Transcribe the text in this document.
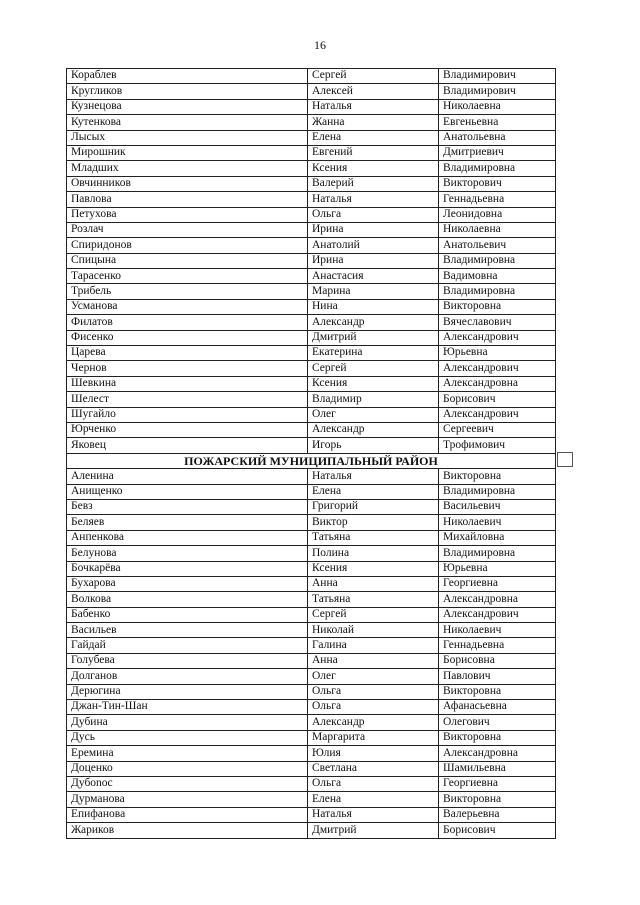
16
Кораблев	Сергей	Владимирович
Кругликов	Алексей	Владимирович
Кузнецова	Наталья	Николаевна
Кутенкова	Жанна	Евгеньевна
Лысых	Елена	Анатольевна
Мирошник	Евгений	Дмитриевич
Младших	Ксения	Владимировна
Овчинников	Валерий	Викторович
Павлова	Наталья	Геннадьевна
Петухова	Ольга	Леонидовна
Розлач	Ирина	Николаевна
Спиридонов	Анатолий	Анатольевич
Спицына	Ирина	Владимировна
Тарасенко	Анастасия	Вадимовна
Трибель	Марина	Владимировна
Усманова	Нина	Викторовна
Филатов	Александр	Вячеславович
Фисенко	Дмитрий	Александрович
Царева	Екатерина	Юрьевна
Чернов	Сергей	Александрович
Шевкина	Ксения	Александровна
Шелест	Владимир	Борисович
Шугайло	Олег	Александрович
Юрченко	Александр	Сергеевич
Яковец	Игорь	Трофимович
ПОЖАРСКИЙ МУНИЦИПАЛЬНЫЙ РАЙОН		
Аленина	Наталья	Викторовна
Анищенко	Елена	Владимировна
Бевз	Григорий	Васильевич
Беляев	Виктор	Николаевич
Анпенкова	Татьяна	Михайловна
Белунова	Полина	Владимировна
Бочкарёва	Ксения	Юрьевна
Бухарова	Анна	Георгиевна
Волкова	Татьяна	Александровна
Бабенко	Сергей	Александрович
Васильев	Николай	Николаевич
Гайдай	Галина	Геннадьевна
Голубева	Анна	Борисовна
Долганов	Олег	Павлович
Дерюгина	Ольга	Викторовна
Джан-Тин-Шан	Ольга	Афанасьевна
Дубина	Александр	Олегович
Дусь	Маргарита	Викторовна
Еремина	Юлия	Александровна
Доценко	Светлана	Шамильевна
Дубоnoc	Ольга	Георгиевна
Дурманова	Елена	Викторовна
Епифанова	Наталья	Валерьевна
Жариков	Дмитрий	Борисович
